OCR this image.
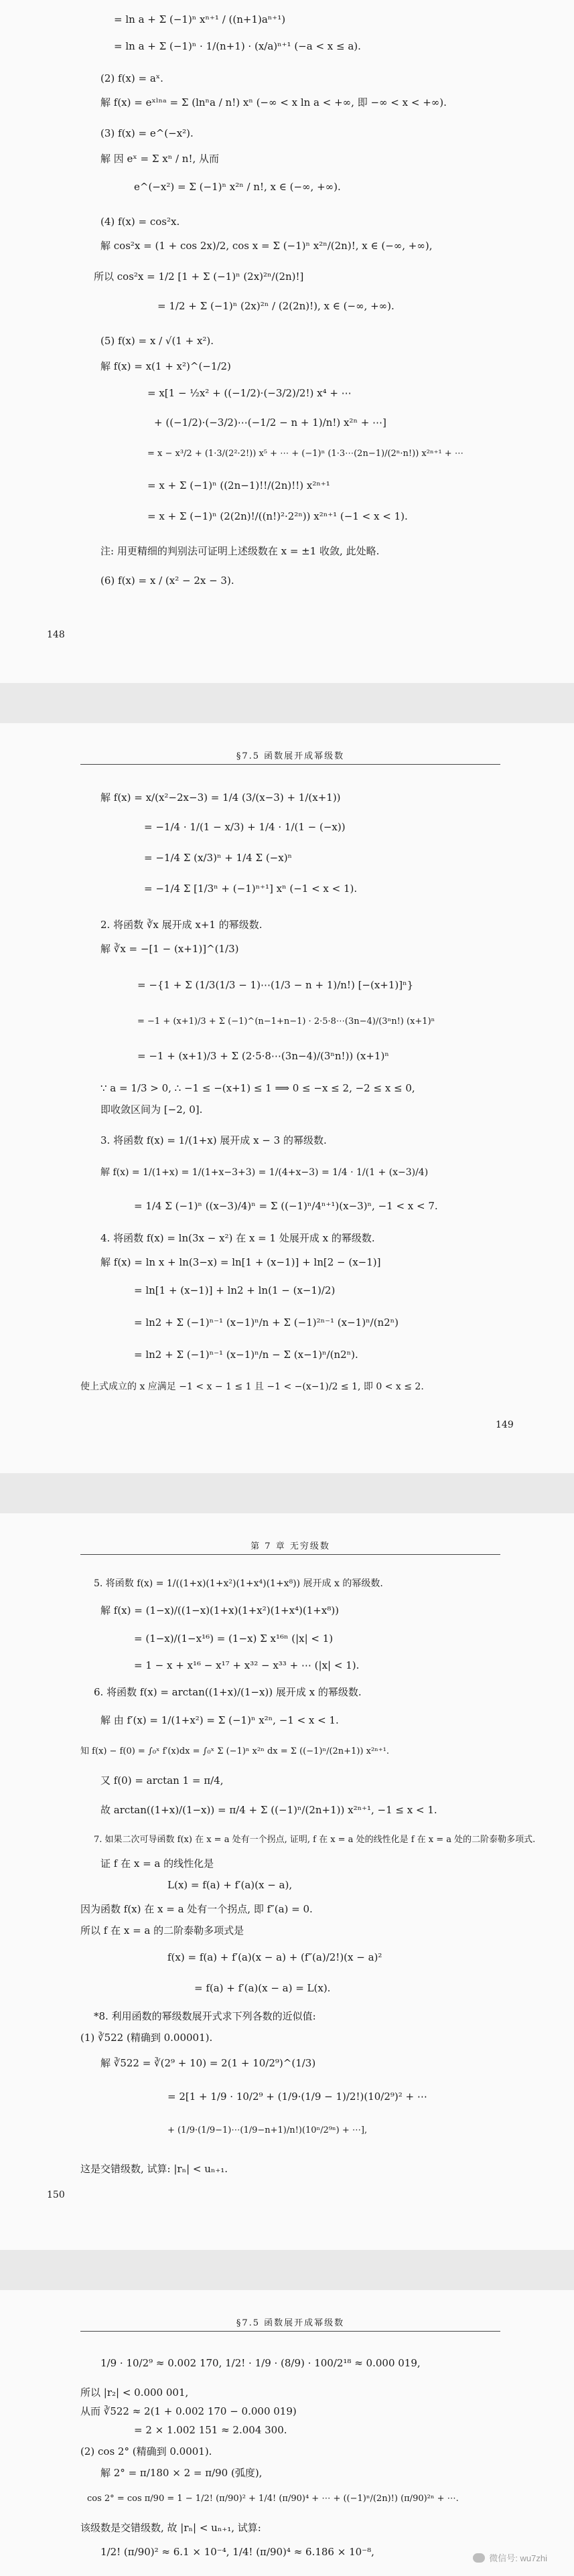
= ln a + Σ (−1)ⁿ xⁿ⁺¹ / ((n+1)aⁿ⁺¹)
= ln a + Σ (−1)ⁿ · 1/(n+1) · (x/a)ⁿ⁺¹ (−a < x ≤ a).
(2) f(x) = aˣ.
解 f(x) = eˣˡⁿᵃ = Σ (lnⁿa / n!) xⁿ (−∞ < x ln a < +∞, 即 −∞ < x < +∞).
(3) f(x) = e^(−x²).
解 因 eˣ = Σ xⁿ / n!, 从而
e^(−x²) = Σ (−1)ⁿ x²ⁿ / n!, x ∈ (−∞, +∞).
(4) f(x) = cos²x.
解 cos²x = (1 + cos 2x)/2, cos x = Σ (−1)ⁿ x²ⁿ/(2n)!, x ∈ (−∞, +∞),
所以 cos²x = 1/2 [1 + Σ (−1)ⁿ (2x)²ⁿ/(2n)!]
= 1/2 + Σ (−1)ⁿ (2x)²ⁿ / (2(2n)!), x ∈ (−∞, +∞).
(5) f(x) = x / √(1 + x²).
解 f(x) = x(1 + x²)^(−1/2)
= x[1 − ½x² + ((−1/2)·(−3/2)/2!) x⁴ + ⋯
+ ((−1/2)·(−3/2)⋯(−1/2 − n + 1)/n!) x²ⁿ + ⋯]
= x − x³/2 + (1·3/(2²·2!)) x⁵ + ⋯ + (−1)ⁿ (1·3⋯(2n−1)/(2ⁿ·n!)) x²ⁿ⁺¹ + ⋯
= x + Σ (−1)ⁿ ((2n−1)!!/(2n)!!) x²ⁿ⁺¹
= x + Σ (−1)ⁿ (2(2n)!/((n!)²·2²ⁿ)) x²ⁿ⁺¹ (−1 < x < 1).
注: 用更精细的判别法可证明上述级数在 x = ±1 收敛, 此处略.
(6) f(x) = x / (x² − 2x − 3).
148
§7.5 函数展开成幂级数
解 f(x) = x/(x²−2x−3) = 1/4 (3/(x−3) + 1/(x+1))
= −1/4 · 1/(1 − x/3) + 1/4 · 1/(1 − (−x))
= −1/4 Σ (x/3)ⁿ + 1/4 Σ (−x)ⁿ
= −1/4 Σ [1/3ⁿ + (−1)ⁿ⁺¹] xⁿ (−1 < x < 1).
2. 将函数 ∛x 展开成 x+1 的幂级数.
解 ∛x = −[1 − (x+1)]^(1/3)
= −{1 + Σ (1/3(1/3 − 1)⋯(1/3 − n + 1)/n!) [−(x+1)]ⁿ}
= −1 + (x+1)/3 + Σ (−1)^(n−1+n−1) · 2·5·8⋯(3n−4)/(3ⁿn!) (x+1)ⁿ
= −1 + (x+1)/3 + Σ (2·5·8⋯(3n−4)/(3ⁿn!)) (x+1)ⁿ
∵ a = 1/3 > 0, ∴ −1 ≤ −(x+1) ≤ 1 ⟹ 0 ≤ −x ≤ 2, −2 ≤ x ≤ 0,
即收敛区间为 [−2, 0].
3. 将函数 f(x) = 1/(1+x) 展开成 x − 3 的幂级数.
解 f(x) = 1/(1+x) = 1/(1+x−3+3) = 1/(4+x−3) = 1/4 · 1/(1 + (x−3)/4)
= 1/4 Σ (−1)ⁿ ((x−3)/4)ⁿ = Σ ((−1)ⁿ/4ⁿ⁺¹)(x−3)ⁿ, −1 < x < 7.
4. 将函数 f(x) = ln(3x − x²) 在 x = 1 处展开成 x 的幂级数.
解 f(x) = ln x + ln(3−x) = ln[1 + (x−1)] + ln[2 − (x−1)]
= ln[1 + (x−1)] + ln2 + ln(1 − (x−1)/2)
= ln2 + Σ (−1)ⁿ⁻¹ (x−1)ⁿ/n + Σ (−1)²ⁿ⁻¹ (x−1)ⁿ/(n2ⁿ)
= ln2 + Σ (−1)ⁿ⁻¹ (x−1)ⁿ/n − Σ (x−1)ⁿ/(n2ⁿ).
使上式成立的 x 应满足 −1 < x − 1 ≤ 1 且 −1 < −(x−1)/2 ≤ 1, 即 0 < x ≤ 2.
149
第 7 章 无穷级数
5. 将函数 f(x) = 1/((1+x)(1+x²)(1+x⁴)(1+x⁸)) 展开成 x 的幂级数.
解 f(x) = (1−x)/((1−x)(1+x)(1+x²)(1+x⁴)(1+x⁸))
= (1−x)/(1−x¹⁶) = (1−x) Σ x¹⁶ⁿ (|x| < 1)
= 1 − x + x¹⁶ − x¹⁷ + x³² − x³³ + ⋯ (|x| < 1).
6. 将函数 f(x) = arctan((1+x)/(1−x)) 展开成 x 的幂级数.
解 由 f′(x) = 1/(1+x²) = Σ (−1)ⁿ x²ⁿ, −1 < x < 1.
知 f(x) − f(0) = ∫₀ˣ f′(x)dx = ∫₀ˣ Σ (−1)ⁿ x²ⁿ dx = Σ ((−1)ⁿ/(2n+1)) x²ⁿ⁺¹.
又 f(0) = arctan 1 = π/4,
故 arctan((1+x)/(1−x)) = π/4 + Σ ((−1)ⁿ/(2n+1)) x²ⁿ⁺¹, −1 ≤ x < 1.
7. 如果二次可导函数 f(x) 在 x = a 处有一个拐点, 证明, f 在 x = a 处的线性化是 f 在 x = a 处的二阶泰勒多项式.
证 f 在 x = a 的线性化是
L(x) = f(a) + f′(a)(x − a),
因为函数 f(x) 在 x = a 处有一个拐点, 即 f″(a) = 0.
所以 f 在 x = a 的二阶泰勒多项式是
f(x) = f(a) + f′(a)(x − a) + (f″(a)/2!)(x − a)²
= f(a) + f′(a)(x − a) = L(x).
*8. 利用函数的幂级数展开式求下列各数的近似值:
(1) ∛522 (精确到 0.00001).
解 ∛522 = ∛(2⁹ + 10) = 2(1 + 10/2⁹)^(1/3)
= 2[1 + 1/9 · 10/2⁹ + (1/9·(1/9 − 1)/2!)(10/2⁹)² + ⋯
+ (1/9·(1/9−1)⋯(1/9−n+1)/n!)(10ⁿ/2⁹ⁿ) + ⋯],
这是交错级数, 试算: |rₙ| < uₙ₊₁.
150
§7.5 函数展开成幂级数
1/9 · 10/2⁹ ≈ 0.002 170, 1/2! · 1/9 · (8/9) · 100/2¹⁸ ≈ 0.000 019,
所以 |r₂| < 0.000 001,
从而 ∛522 ≈ 2(1 + 0.002 170 − 0.000 019)
= 2 × 1.002 151 ≈ 2.004 300.
(2) cos 2° (精确到 0.0001).
解 2° = π/180 × 2 = π/90 (弧度),
cos 2° = cos π/90 = 1 − 1/2! (π/90)² + 1/4! (π/90)⁴ + ⋯ + ((−1)ⁿ/(2n)!) (π/90)²ⁿ + ⋯.
该级数是交错级数, 故 |rₙ| < uₙ₊₁, 试算:
1/2! (π/90)² ≈ 6.1 × 10⁻⁴, 1/4! (π/90)⁴ ≈ 6.186 × 10⁻⁸,
微信号: wu7zhi
